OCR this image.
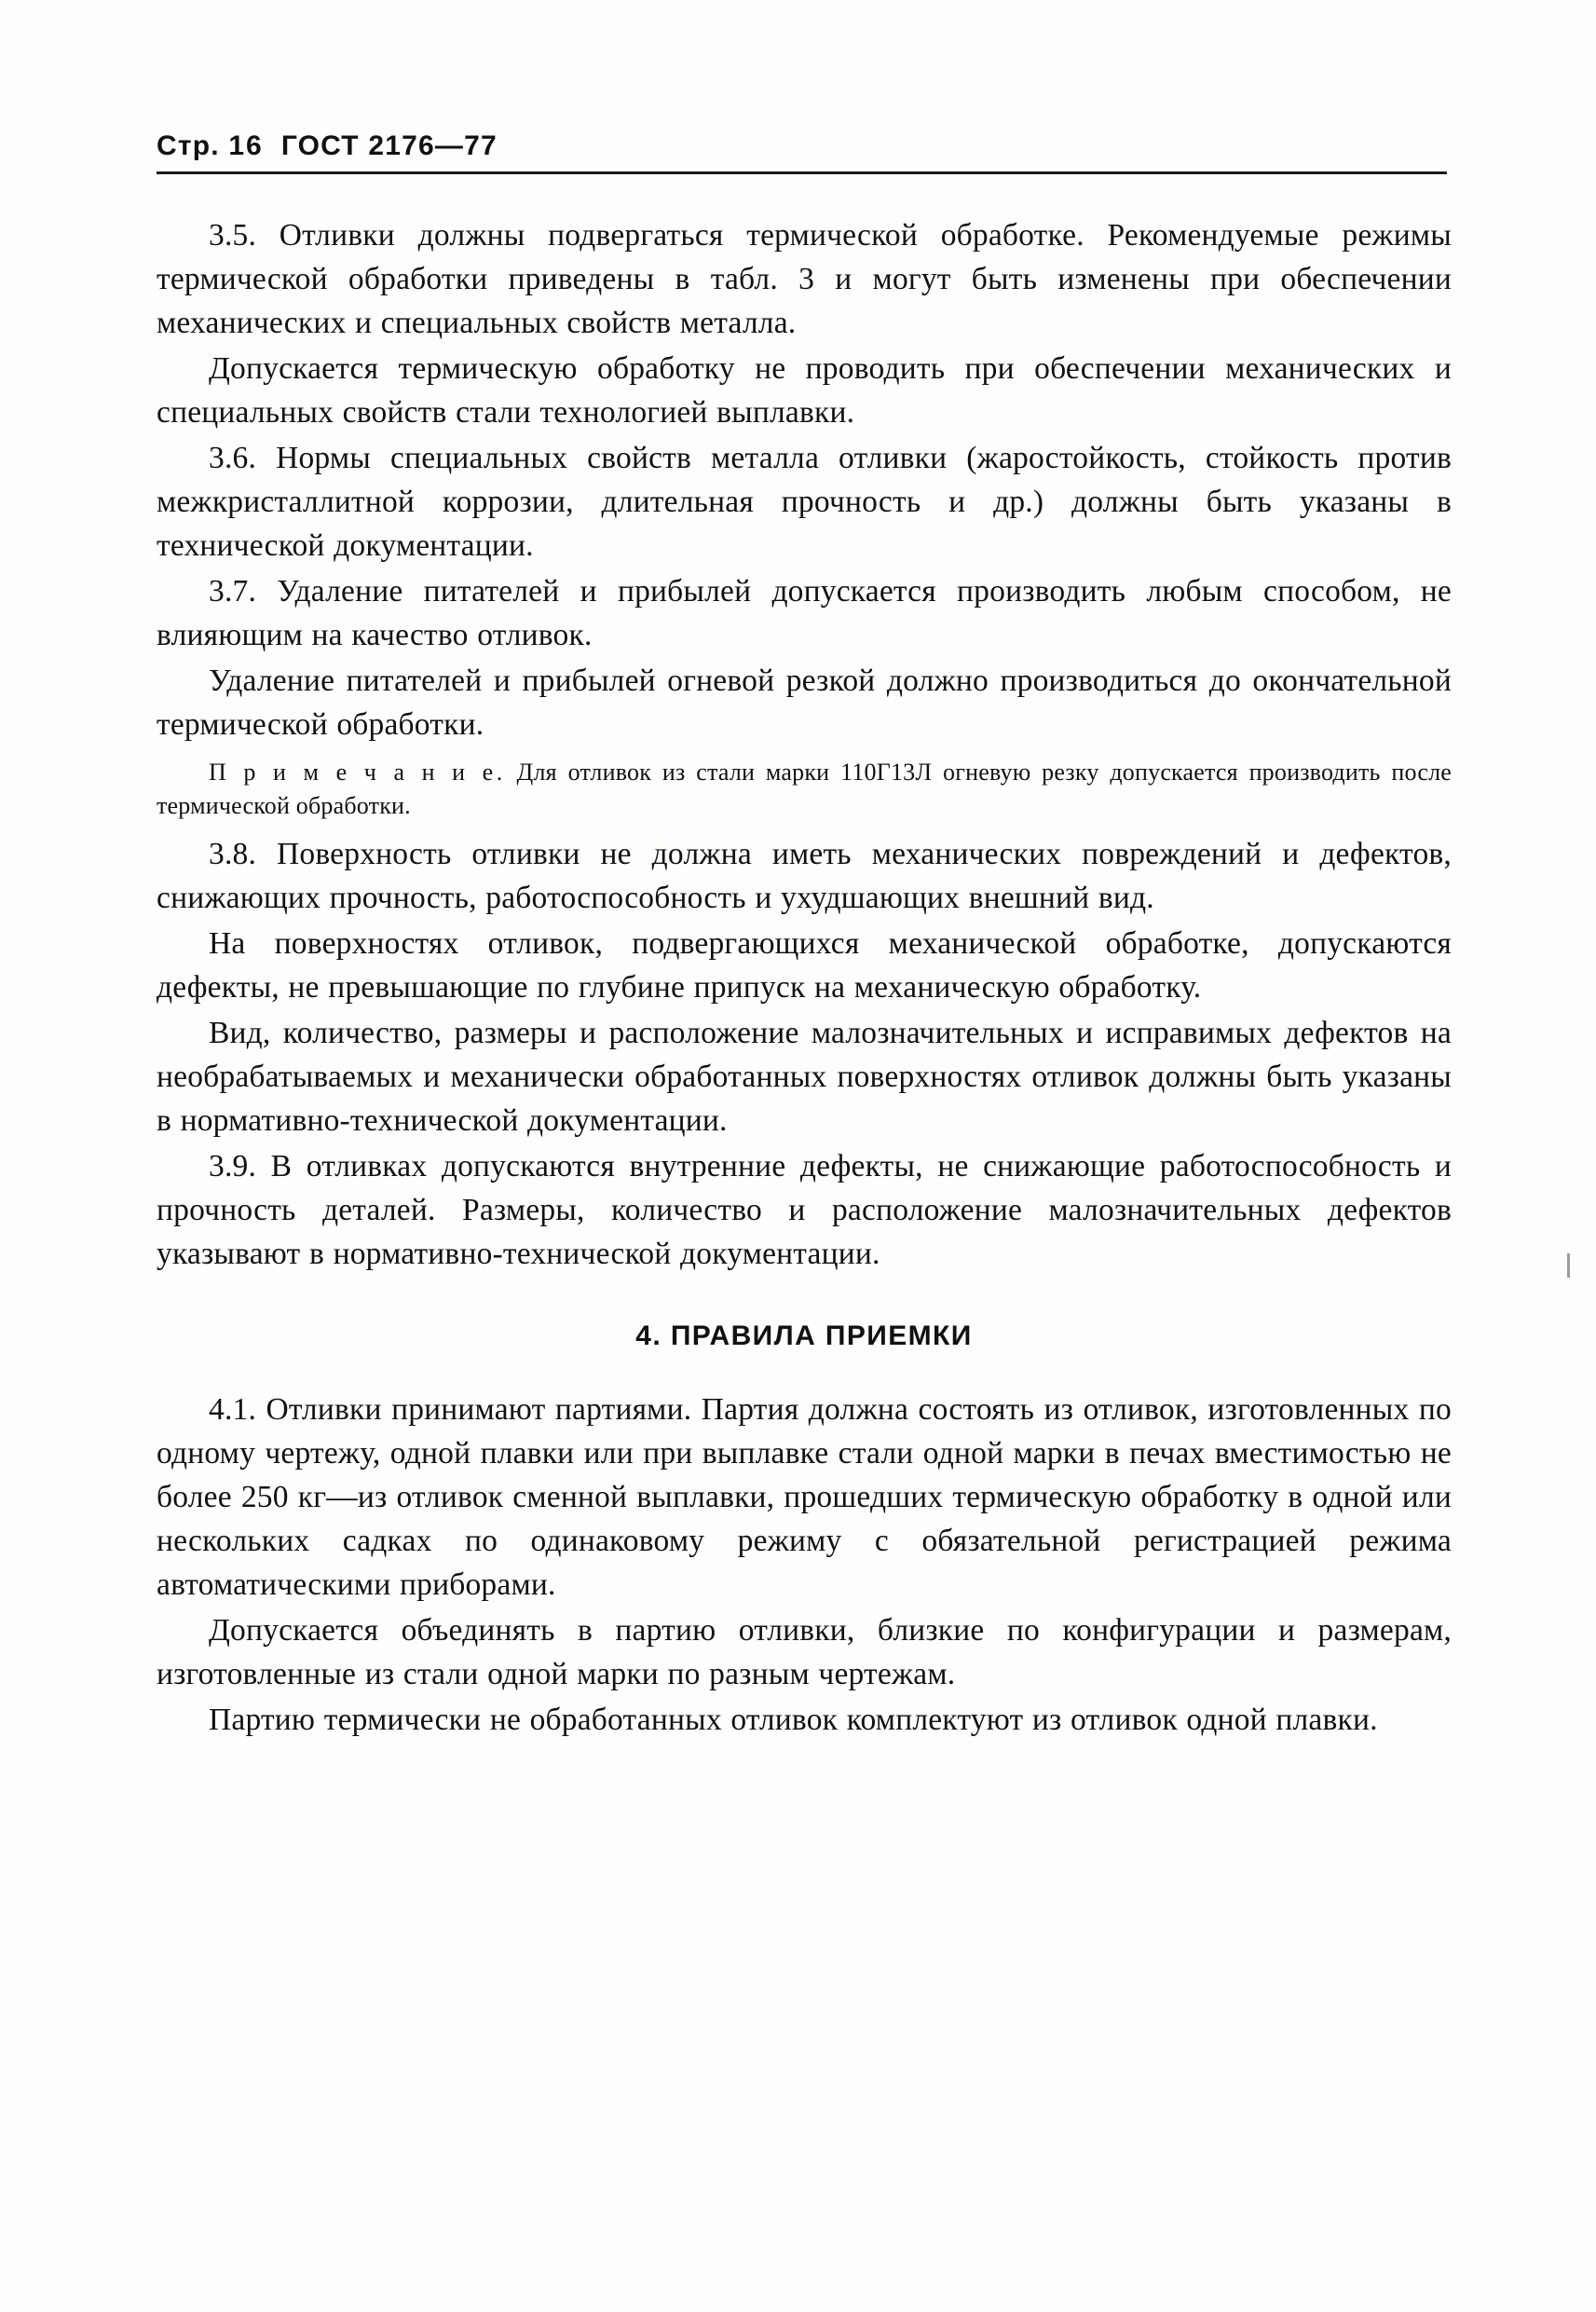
Стр. 16 ГОСТ 2176—77

3.5. Отливки должны подвергаться термической обработке. Рекомендуемые режимы термической обработки приведены в табл. 3 и могут быть изменены при обеспечении механических и специальных свойств металла.

Допускается термическую обработку не проводить при обеспечении механических и специальных свойств стали технологией выплавки.

3.6. Нормы специальных свойств металла отливки (жаростойкость, стойкость против межкристаллитной коррозии, длительная прочность и др.) должны быть указаны в технической документации.

3.7. Удаление питателей и прибылей допускается производить любым способом, не влияющим на качество отливок.

Удаление питателей и прибылей огневой резкой должно производиться до окончательной термической обработки.

П р и м е ч а н и е. Для отливок из стали марки 110Г13Л огневую резку допускается производить после термической обработки.

3.8. Поверхность отливки не должна иметь механических повреждений и дефектов, снижающих прочность, работоспособность и ухудшающих внешний вид.

На поверхностях отливок, подвергающихся механической обработке, допускаются дефекты, не превышающие по глубине припуск на механическую обработку.

Вид, количество, размеры и расположение малозначительных и исправимых дефектов на необрабатываемых и механически обработанных поверхностях отливок должны быть указаны в нормативно-технической документации.

3.9. В отливках допускаются внутренние дефекты, не снижающие работоспособность и прочность деталей. Размеры, количество и расположение малозначительных дефектов указывают в нормативно-технической документации.

4. ПРАВИЛА ПРИЕМКИ

4.1. Отливки принимают партиями. Партия должна состоять из отливок, изготовленных по одному чертежу, одной плавки или при выплавке стали одной марки в печах вместимостью не более 250 кг—из отливок сменной выплавки, прошедших термическую обработку в одной или нескольких садках по одинаковому режиму с обязательной регистрацией режима автоматическими приборами.

Допускается объединять в партию отливки, близкие по конфигурации и размерам, изготовленные из стали одной марки по разным чертежам.

Партию термически не обработанных отливок комплектуют из отливок одной плавки.
